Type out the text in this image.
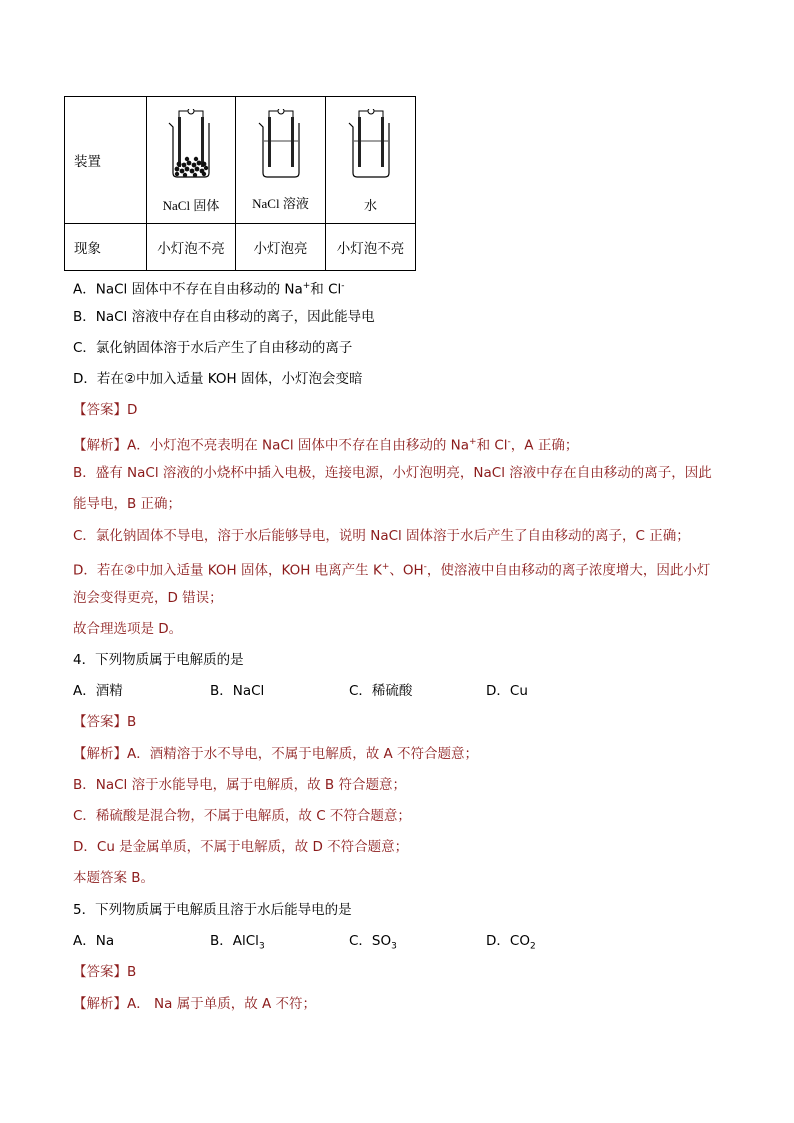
装置	NaCl 固体	NaCl 溶液	水

现象	小灯泡不亮	小灯泡亮	小灯泡不亮
A．NaCl 固体中不存在自由移动的 Na+和 Cl-
B．NaCl 溶液中存在自由移动的离子，因此能导电
C．氯化钠固体溶于水后产生了自由移动的离子
D．若在②中加入适量 KOH 固体，小灯泡会变暗
【答案】D
【解析】A．小灯泡不亮表明在 NaCl 固体中不存在自由移动的 Na+和 Cl-，A 正确；
B．盛有 NaCl 溶液的小烧杯中插入电极，连接电源，小灯泡明亮，NaCl 溶液中存在自由移动的离子，因此
能导电，B 正确；
C．氯化钠固体不导电，溶于水后能够导电，说明 NaCl 固体溶于水后产生了自由移动的离子，C 正确；
D．若在②中加入适量 KOH 固体，KOH 电离产生 K+、OH-，使溶液中自由移动的离子浓度增大，因此小灯
泡会变得更亮，D 错误；
故合理选项是 D。
4．下列物质属于电解质的是
A．酒精	B．NaCl	C．稀硫酸	D．Cu
【答案】B
【解析】A．酒精溶于水不导电，不属于电解质，故 A 不符合题意；
B．NaCl 溶于水能导电，属于电解质，故 B 符合题意；
C．稀硫酸是混合物，不属于电解质，故 C 不符合题意；
D．Cu 是金属单质，不属于电解质，故 D 不符合题意；
本题答案 B。
5．下列物质属于电解质且溶于水后能导电的是
A．Na	B．AlCl$_3$	C．$SO_3$	D．$CO_2$
【答案】B
【解析】A． Na 属于单质，故 A 不符；
